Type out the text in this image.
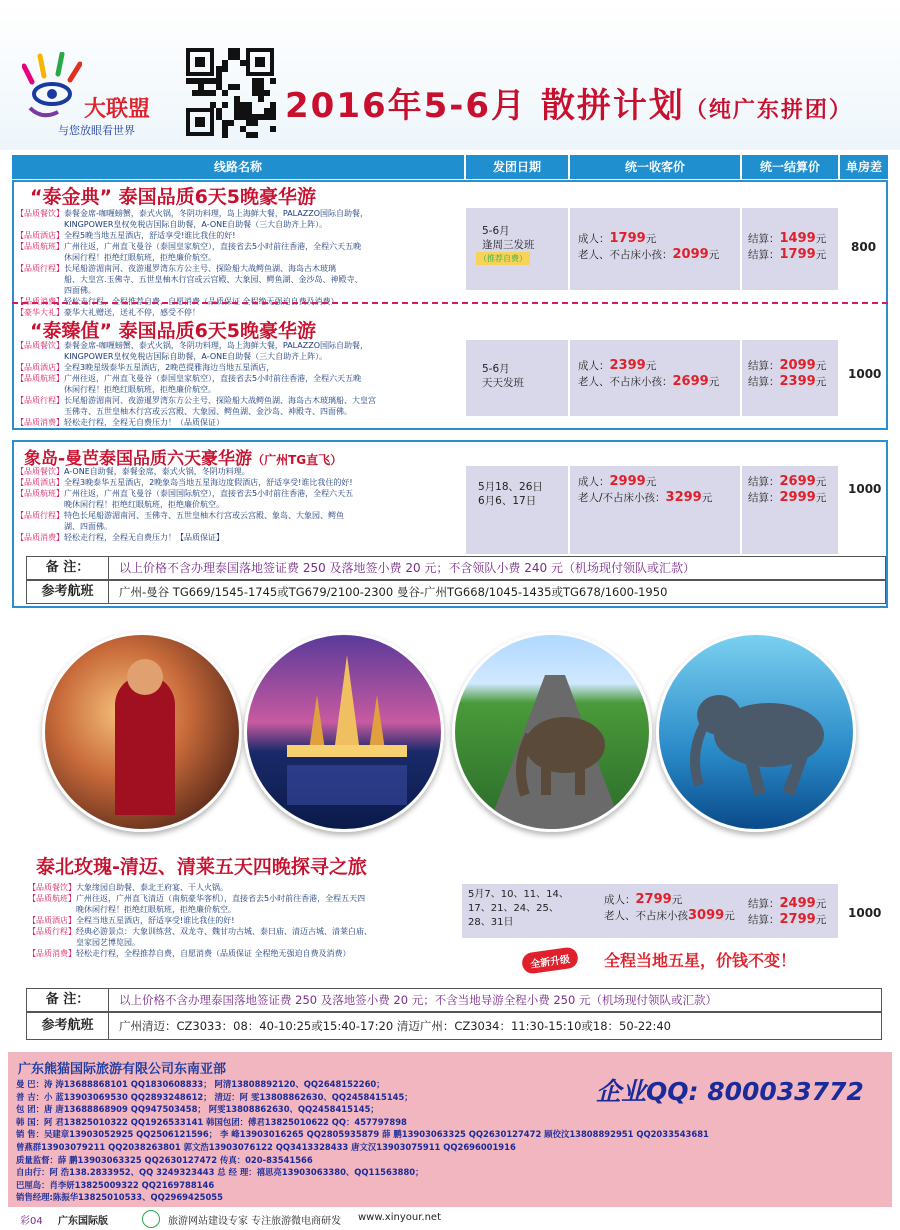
大联盟
与您放眼看世界
2016年5-6月 散拼计划（纯广东拼团）
线路名称	发团日期	统一收客价	统一结算价	单房差
“泰金典” 泰国品质6天5晚豪华游
【品质餐饮】泰餐金席-咖喱螃蟹，泰式火锅，冬阴功料理，岛上海鲜大餐，PALAZZO国际自助餐，
KINGPOWER皇权免税店国际自助餐，A-ONE自助餐（三大自助齐上阵）。
【品质酒店】全程5晚当地五星酒店，舒适享受!谁比我住的好!
【品质航班】广州往返，广州直飞曼谷（泰国皇家航空），直接省去5小时前往香港，全程六天五晚
休闲行程！拒绝红眼航班，拒绝廉价航空。
【品质行程】长尾船游湄南河、夜游暹罗湾东方公主号、探险船大战鳄鱼湖、海岛古木玻璃
船、大皇宫.玉佛寺、五世皇柚木行宫或云宫殿、大象园、鳄鱼湖、金沙岛、神殿寺、
四面佛。
【品质消费】轻松走行程，全程推荐自费，自愿消费（品质保证 全程绝无强迫自费及消费）
【豪华大礼】豪华大礼赠送，送礼不停，感受不停！
5-6月
逢周三发班
（推荐自费）
成人：1799元
老人、不占床小孩：2099元
结算：1499元
结算：1799元
800
“泰臻值” 泰国品质6天5晚豪华游
【品质餐饮】泰餐金席-咖喱螃蟹，泰式火锅，冬阴功料理，岛上海鲜大餐，PALAZZO国际自助餐，
KINGPOWER皇权免税店国际自助餐，A-ONE自助餐（三大自助齐上阵）。
【品质酒店】全程3晚星级泰华五星酒店，2晚芭提雅海边当地五星酒店，
【品质航班】广州往返，广州直飞曼谷（泰国皇家航空），直接省去5小时前往香港，全程六天五晚
休闲行程！拒绝红眼航班，拒绝廉价航空。
【品质行程】长尾船游湄南河、夜游暹罗湾东方公主号、探险船大战鳄鱼湖、海岛古木玻璃船、大皇宫
玉佛寺、五世皇柚木行宫或云宫殿、大象园、鳄鱼湖、金沙岛、神殿寺、四面佛。
【品质消费】轻松走行程，全程无自费压力！（品质保证）
5-6月
天天发班
成人：2399元
老人、不占床小孩：2699元
结算：2099元
结算：2399元
1000
象岛-曼芭泰国品质六天豪华游（广州TG直飞）
【品质餐饮】A-ONE自助餐，泰餐金席，泰式火锅，冬阴功料理。
【品质酒店】全程3晚泰华五星酒店，2晚象岛当地五星海边度假酒店，舒适享受!谁比我住的好!
【品质航班】广州往返，广州直飞曼谷（泰国国际航空），直接省去5小时前往香港，全程六天五
晚休闲行程！拒绝红眼航班，拒绝廉价航空。
【品质行程】特色长尾船游湄南河、玉佛寺、五世皇柚木行宫或云宫殿、象岛、大象园、鳄鱼
湖、四面佛。
【品质消费】轻松走行程，全程无自费压力！【品质保证】
5月18、26日
6月6、17日
成人：2999元
老人/不占床小孩：3299元
结算：2699元
结算：2999元
1000
备 注：	以上价格不含办理泰国落地签证费 250 及落地签小费 20 元；不含领队小费 240 元（机场现付领队或汇款）
参考航班	广州-曼谷 TG669/1545-1745或TG679/2100-2300 曼谷-广州TG668/1045-1435或TG678/1600-1950
泰北玫瑰-清迈、清莱五天四晚探寻之旅
【品质餐饮】大象缘园自助餐、泰北王府宴、干人火锅。
【品质航班】广州往返，广州直飞清迈（南航豪华客机），直接省去5小时前往香港，全程五天四
晚休闲行程！拒绝红眼航班，拒绝廉价航空。
【品质酒店】全程当地五星酒店，舒适享受!谁比我住的好!
【品质行程】经典必游景点：大象训练营、双龙寺、魏甘功古城、泰曰庙、清迈古城、清莱白庙、
皇家园艺博览园。
【品质消费】轻松走行程，全程推荐自费，自愿消费（品质保证 全程绝无强迫自费及消费）
5月7、10、11、14、
17、21、24、25、
28、31日
成人：2799元
老人、不占床小孩3099元
结算：2499元
结算：2799元 1000
全新升级	全程当地五星，价钱不变！
备 注：	以上价格不含办理泰国落地签证费 250 及落地签小费 20 元；不含当地导游全程小费 250 元（机场现付领队或汇款）
参考航班	广州清迈：CZ3033：08：40-10:25或15:40-17:20 清迈广州：CZ3034：11:30-15:10或18：50-22:40
广东熊猫国际旅游有限公司东南亚部
企业QQ: 800033772
曼 巴：涛 涛13688868101 QQ1830608833； 阿清13808892120、QQ2648152260；
普 吉：小 蓝13903069530 QQ2893248612； 清迈：阿 雯13808862630、QQ2458415145；
包 团：唐 唐13688868909 QQ947503458； 阿雯13808862630、QQ2458415145；
韩 国：阿 君13825010322 QQ1926533141 韩国包团：傅君13825010622 QQ：457797898
销 售：吴建章13903052925 QQ2506121596； 李 峰13903016265 QQ2805935879 薛 鹏13903063325 QQ2630127472 顾佼汶13808892951 QQ2033543681
曾燕群13903079211 QQ2038263801 郭文浩13903076122 QQ3413328433 唐文汉13903075911 QQ2696001916
质量监督：薛 鹏13903063325 QQ2630127472 传真：020-83541566
自由行：阿 浩138.2833952、QQ 3249323443 总 经 理：禧思亮13903063380、QQ11563880；
巴厘岛：肖李妍13825009322 QQ2169788146
销售经理:陈振华13825010533、QQ2969425055
彩04 广东国际版	旅游网站建设专家 专注旅游微电商研发 www.xinyour.net
